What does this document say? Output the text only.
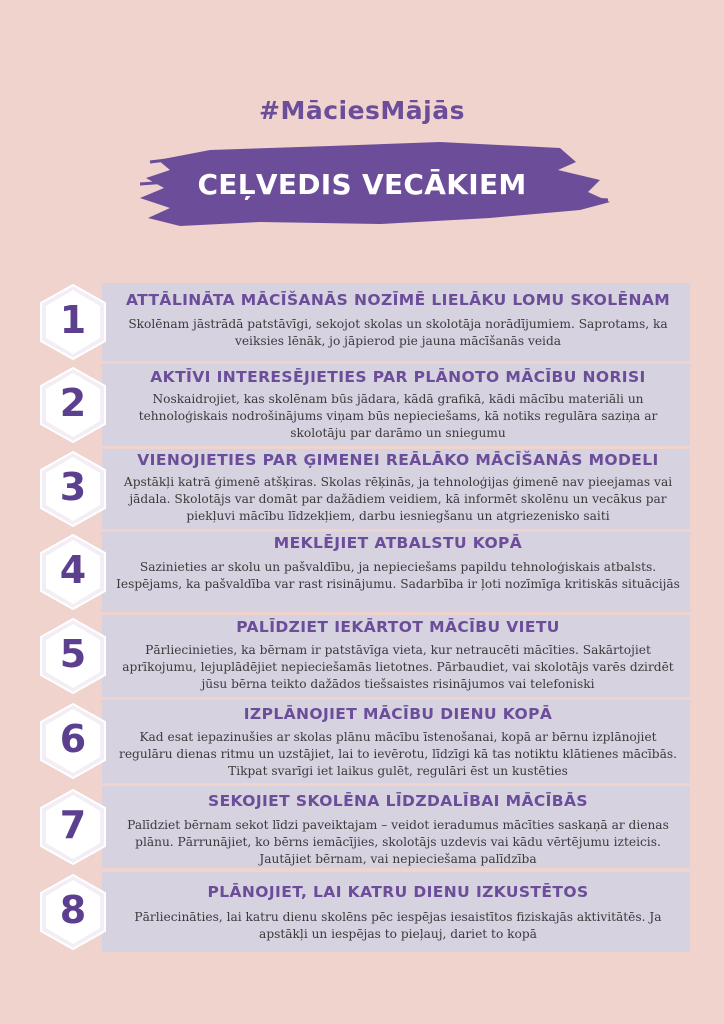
#MāciesMājās
CEĻVEDIS VECĀKIEM
1	ATTĀLINĀTA MĀCĪŠANĀS NOZĪMĒ LIELĀKU LOMU SKOLĒNAM
Skolēnam jāstrādā patstāvīgi, sekojot skolas un skolotāja norādījumiem. Saprotams, ka veiksies lēnāk, jo jāpierod pie jauna mācīšanās veida
2
AKTĪVI INTERESĒJIETIES PAR PLĀNOTO MĀCĪBU NORISI
Noskaidrojiet, kas skolēnam būs jādara, kādā grafikā, kādi mācību materiāli un tehnoloģiskais nodrošinājums viņam būs nepieciešams, kā notiks regulāra saziņa ar skolotāju par darāmo un sniegumu
3
VIENOJIETIES PAR ĢIMENEI REĀLĀKO MĀCĪŠANĀS MODELI
Apstākļi katrā ģimenē atšķiras. Skolas rēķinās, ja tehnoloģijas ģimenē nav pieejamas vai jādala. Skolotājs var domāt par dažādiem veidiem, kā informēt skolēnu un vecākus par piekļuvi mācību līdzekļiem, darbu iesniegšanu un atgriezenisko saiti
4
MEKLĒJIET ATBALSTU KOPĀ
Sazinieties ar skolu un pašvaldību, ja nepieciešams papildu tehnoloģiskais atbalsts. Iespējams, ka pašvaldība var rast risinājumu. Sadarbība ir ļoti nozīmīga kritiskās situācijās
5
PALĪDZIET IEKĀRTOT MĀCĪBU VIETU
Pārliecinieties, ka bērnam ir patstāvīga vieta, kur netraucēti mācīties. Sakārtojiet aprīkojumu, lejuplādējiet nepieciešamās lietotnes. Pārbaudiet, vai skolotājs varēs dzirdēt jūsu bērna teikto dažādos tiešsaistes risinājumos vai telefoniski
6
IZPLĀNOJIET MĀCĪBU DIENU KOPĀ
Kad esat iepazinušies ar skolas plānu mācību īstenošanai, kopā ar bērnu izplānojiet regulāru dienas ritmu un uzstājiet, lai to ievērotu, līdzīgi kā tas notiktu klātienes mācībās. Tikpat svarīgi iet laikus gulēt, regulāri ēst un kustēties
7
SEKOJIET SKOLĒNA LĪDZDALĪBAI MĀCĪBĀS
Palīdziet bērnam sekot līdzi paveiktajam – veidot ieradumus mācīties saskaņā ar dienas plānu. Pārrunājiet, ko bērns iemācījies, skolotājs uzdevis vai kādu vērtējumu izteicis. Jautājiet bērnam, vai nepieciešama palīdzība
8	PLĀNOJIET, LAI KATRU DIENU IZKUSTĒTOS
Pārliecināties, lai katru dienu skolēns pēc iespējas iesaistītos fiziskajās aktivitātēs. Ja apstākļi un iespējas to pieļauj, dariet to kopā
